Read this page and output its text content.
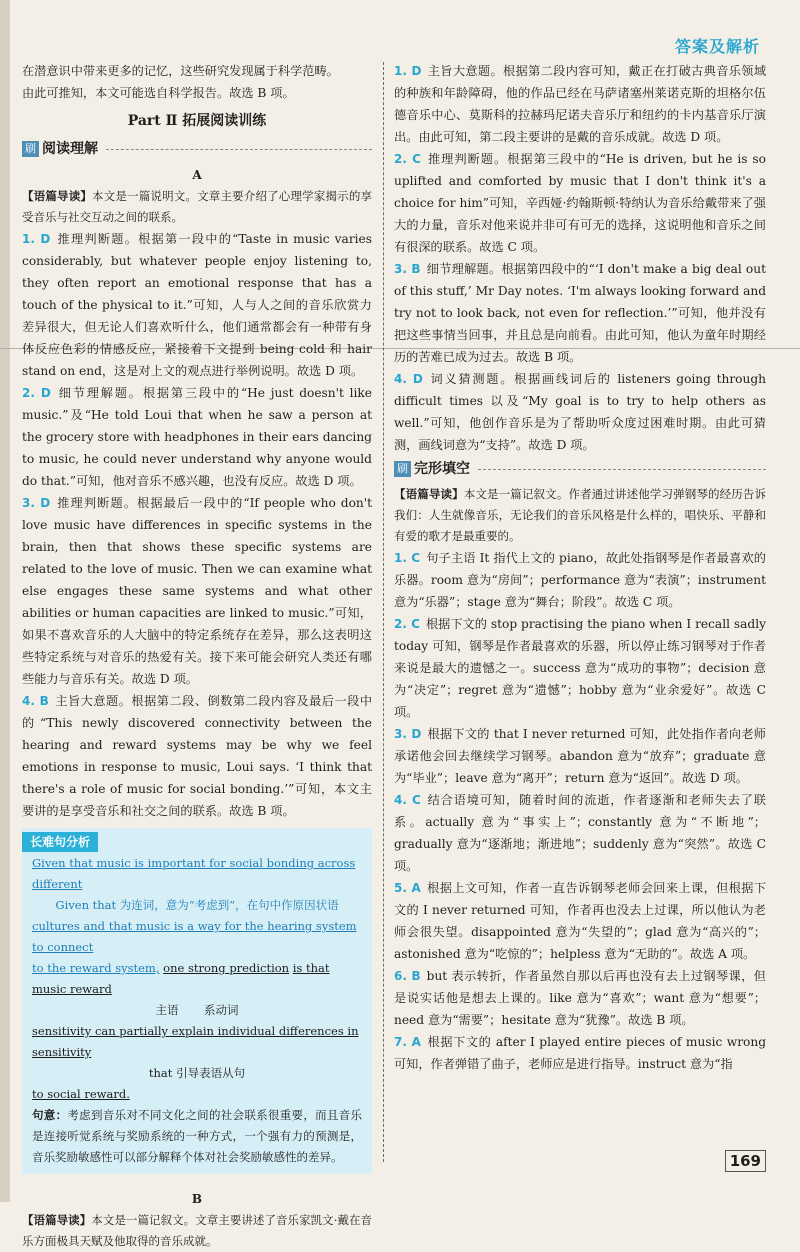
答案及解析

在潜意识中带来更多的记忆，这些研究发现属于科学范畴。

由此可推知，本文可能选自科学报告。故选 B 项。

Part Ⅱ 拓展阅读训练
刷 阅读理解

A

【语篇导读】本文是一篇说明文。文章主要介绍了心理学家揭示的享受音乐与社交互动之间的联系。

1. D 推理判断题。根据第一段中的“Taste in music varies considerably, but whatever people enjoy listening to, they often report an emotional response that has a touch of the physical to it.”可知，人与人之间的音乐欣赏力差异很大，但无论人们喜欢听什么，他们通常都会有一种带有身体反应色彩的情感反应，紧接着下文提到 being cold 和 hair stand on end，这是对上文的观点进行举例说明。故选 D 项。

2. D 细节理解题。根据第三段中的“He just doesn't like music.”及“He told Loui that when he saw a person at the grocery store with headphones in their ears dancing to music, he could never understand why anyone would do that.”可知，他对音乐不感兴趣，也没有反应。故选 D 项。

3. D 推理判断题。根据最后一段中的“If people who don't love music have differences in specific systems in the brain, then that shows these specific systems are related to the love of music. Then we can examine what else engages these same systems and what other abilities or human capacities are linked to music.”可知，如果不喜欢音乐的人大脑中的特定系统存在差异，那么这表明这些特定系统与对音乐的热爱有关。接下来可能会研究人类还有哪些能力与音乐有关。故选 D 项。

4. B 主旨大意题。根据第二段、倒数第二段内容及最后一段中的“This newly discovered connectivity between the hearing and reward systems may be why we feel emotions in response to music, Loui says. ‘I think that there's a role of music for social bonding.’”可知，本文主要讲的是享受音乐和社交之间的联系。故选 B 项。

长难句分析
Given that music is important for social bonding across different
Given that 为连词，意为“考虑到”，在句中作原因状语
cultures and that music is a way for the hearing system to connect
to the reward system, one strong prediction is that music reward
主语       系动词
sensitivity can partially explain individual differences in sensitivity
that 引导表语从句
to social reward.
句意：考虑到音乐对不同文化之间的社会联系很重要，而且音乐是连接听觉系统与奖励系统的一种方式，一个强有力的预测是，音乐奖励敏感性可以部分解释个体对社会奖励敏感性的差异。

B

【语篇导读】本文是一篇记叙文。文章主要讲述了音乐家凯文·戴在音乐方面极具天赋及他取得的音乐成就。

1. D 主旨大意题。根据第二段内容可知，戴正在打破古典音乐领域的种族和年龄障碍，他的作品已经在马萨诸塞州莱诺克斯的坦格尔伍德音乐中心、莫斯科的拉赫玛尼诺夫音乐厅和纽约的卡内基音乐厅演出。由此可知，第二段主要讲的是戴的音乐成就。故选 D 项。

2. C 推理判断题。根据第三段中的“He is driven, but he is so uplifted and comforted by music that I don't think it's a choice for him”可知，辛西娅·约翰斯顿·特纳认为音乐给戴带来了强大的力量，音乐对他来说并非可有可无的选择，这说明他和音乐之间有很深的联系。故选 C 项。

3. B 细节理解题。根据第四段中的“‘I don't make a big deal out of this stuff,’ Mr Day notes. ‘I'm always looking forward and try not to look back, not even for reflection.’”可知，他并没有把这些事情当回事，并且总是向前看。由此可知，他认为童年时期经历的苦难已成为过去。故选 B 项。

4. D 词义猜测题。根据画线词后的 listeners going through difficult times 以及“My goal is to try to help others as well.”可知，他创作音乐是为了帮助听众度过困难时期。由此可猜测，画线词意为“支持”。故选 D 项。

刷 完形填空

【语篇导读】本文是一篇记叙文。作者通过讲述他学习弹钢琴的经历告诉我们：人生就像音乐，无论我们的音乐风格是什么样的，唱快乐、平静和有爱的歌才是最重要的。

1. C 句子主语 It 指代上文的 piano，故此处指钢琴是作者最喜欢的乐器。room 意为“房间”；performance 意为“表演”；instrument 意为“乐器”；stage 意为“舞台；阶段”。故选 C 项。

2. C 根据下文的 stop practising the piano when I recall sadly today 可知，钢琴是作者最喜欢的乐器，所以停止练习钢琴对于作者来说是最大的遗憾之一。success 意为“成功的事物”；decision 意为“决定”；regret 意为“遗憾”；hobby 意为“业余爱好”。故选 C 项。

3. D 根据下文的 that I never returned 可知，此处指作者向老师承诺他会回去继续学习钢琴。abandon 意为“放弃”；graduate 意为“毕业”；leave 意为“离开”；return 意为“返回”。故选 D 项。

4. C 结合语境可知，随着时间的流逝，作者逐渐和老师失去了联系。actually 意为“事实上”；constantly 意为“不断地”；gradually 意为“逐渐地；渐进地”；suddenly 意为“突然”。故选 C 项。

5. A 根据上文可知，作者一直告诉钢琴老师会回来上课，但根据下文的 I never returned 可知，作者再也没去上过课，所以他认为老师会很失望。disappointed 意为“失望的”；glad 意为“高兴的”；astonished 意为“吃惊的”；helpless 意为“无助的”。故选 A 项。

6. B but 表示转折，作者虽然自那以后再也没有去上过钢琴课，但是说实话他是想去上课的。like 意为“喜欢”；want 意为“想要”；need 意为“需要”；hesitate 意为“犹豫”。故选 B 项。

7. A 根据下文的 after I played entire pieces of music wrong 可知，作者弹错了曲子，老师应是进行指导。instruct 意为“指

169
